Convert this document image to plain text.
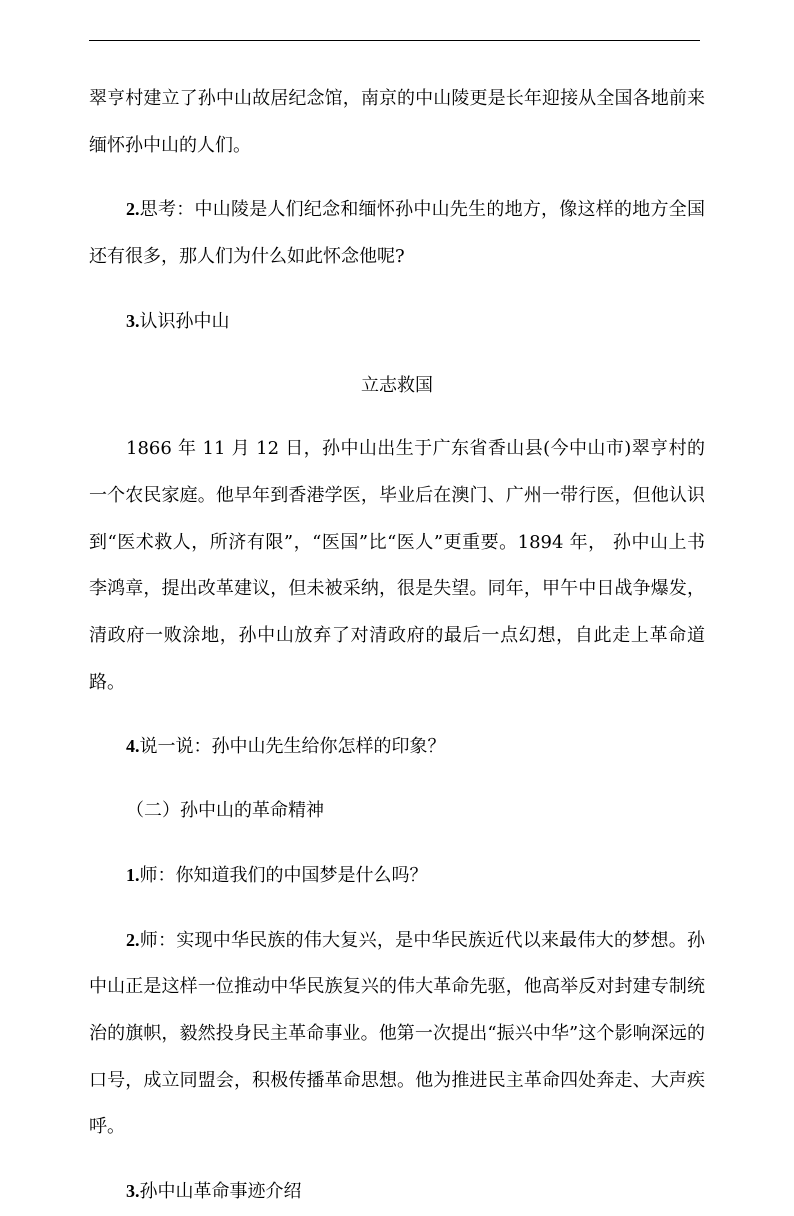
翠亨村建立了孙中山故居纪念馆，南京的中山陵更是长年迎接从全国各地前来缅怀孙中山的人们。

2.思考：中山陵是人们纪念和缅怀孙中山先生的地方，像这样的地方全国还有很多，那人们为什么如此怀念他呢?

3.认识孙中山

立志救国

1866 年 11 月 12 日，孙中山出生于广东省香山县(今中山市)翠亨村的一个农民家庭。他早年到香港学医，毕业后在澳门、广州一带行医，但他认识到“医术救人，所济有限”，“医国”比“医人”更重要。1894 年， 孙中山上书李鸿章，提出改革建议，但未被采纳，很是失望。同年，甲午中日战争爆发，清政府一败涂地，孙中山放弃了对清政府的最后一点幻想，自此走上革命道路。

4.说一说：孙中山先生给你怎样的印象？

（二）孙中山的革命精神

1.师：你知道我们的中国梦是什么吗？

2.师：实现中华民族的伟大复兴，是中华民族近代以来最伟大的梦想。孙中山正是这样一位推动中华民族复兴的伟大革命先驱，他高举反对封建专制统治的旗帜，毅然投身民主革命事业。他第一次提出“振兴中华”这个影响深远的口号，成立同盟会，积极传播革命思想。他为推进民主革命四处奔走、大声疾呼。

3.孙中山革命事迹介绍
